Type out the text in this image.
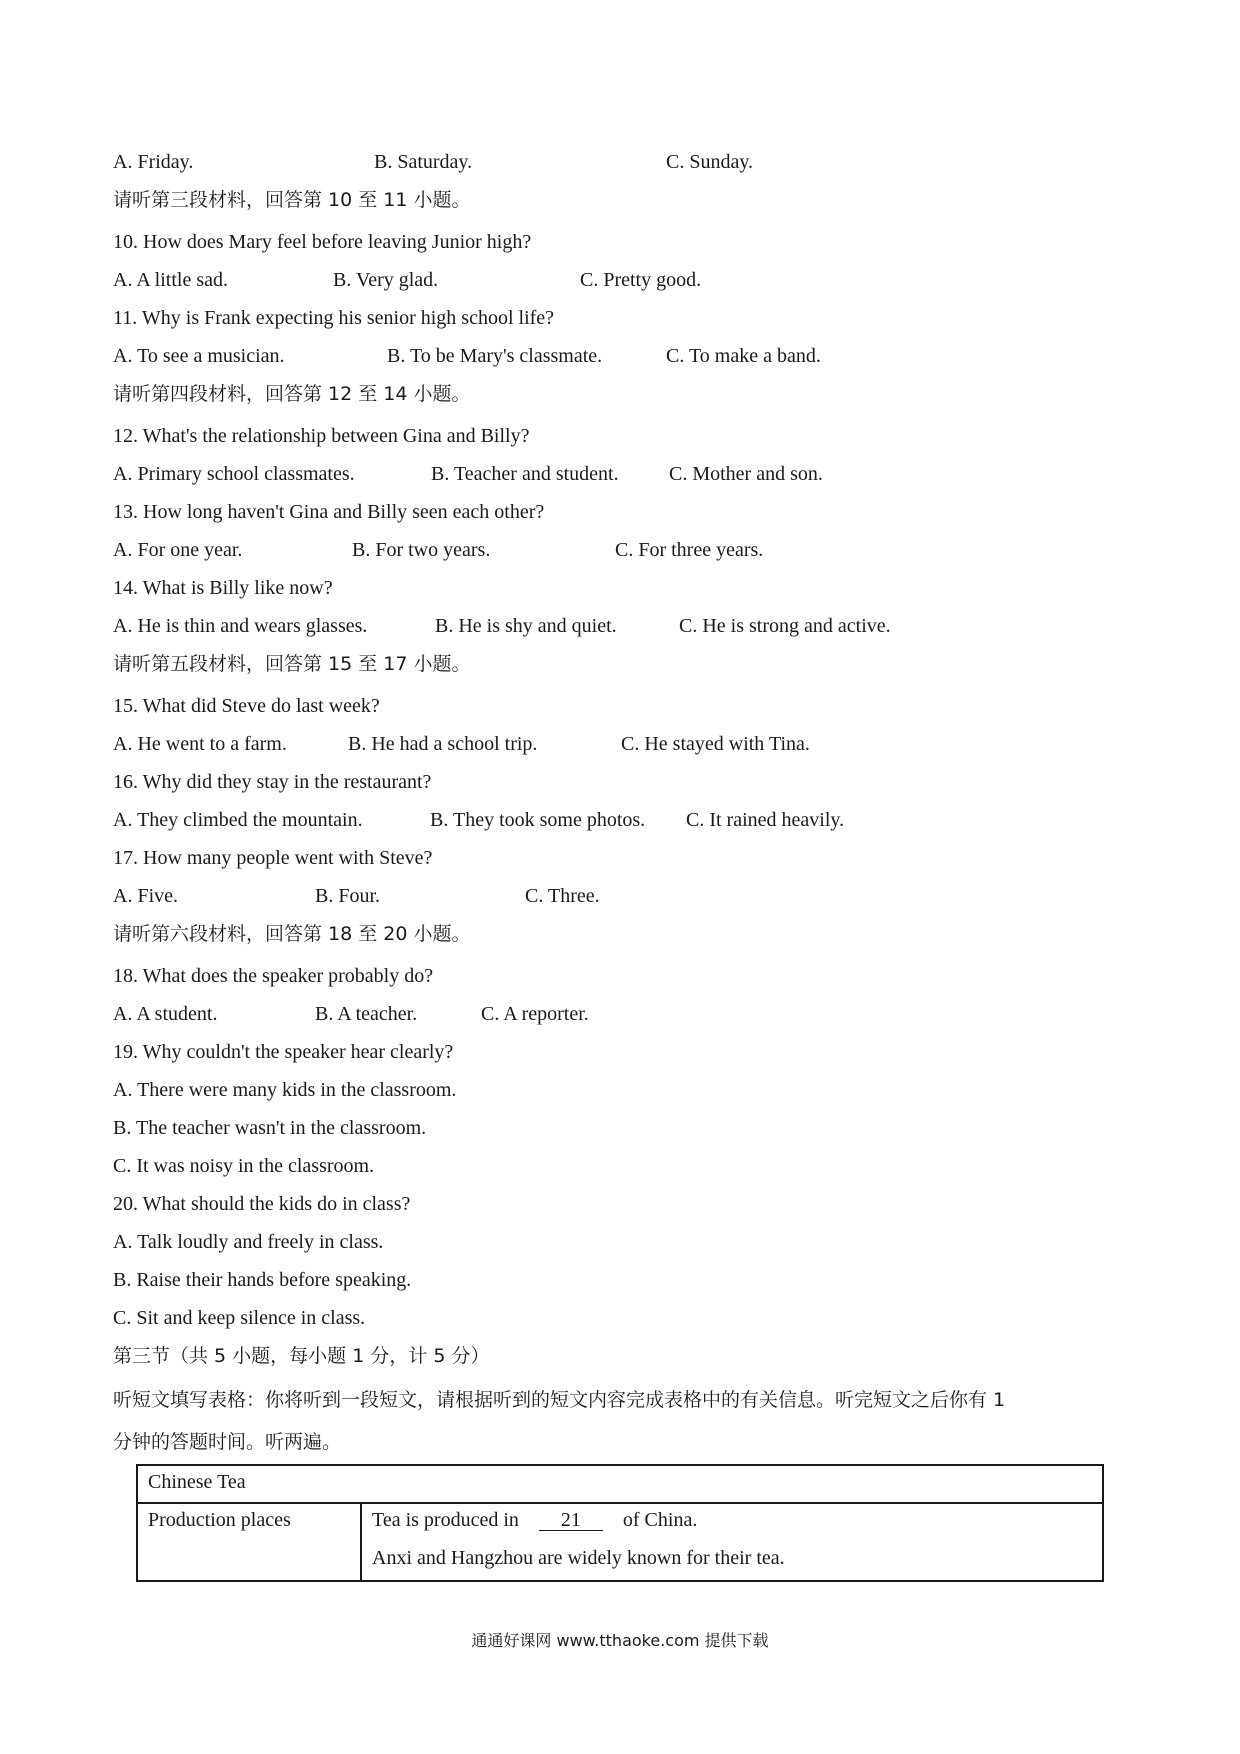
A. Friday.

	B. Saturday.

	C. Sunday.

请听第三段材料，回答第 10 至 11 小题。
10. How does Mary feel before leaving Junior high?

A. A little sad.

	B. Very glad.

	C. Pretty good.

11. Why is Frank expecting his senior high school life?

A. To see a musician.

	B. To be Mary's classmate.

	C. To make a band.

请听第四段材料，回答第 12 至 14 小题。
12. What's the relationship between Gina and Billy?

A. Primary school classmates.

	B. Teacher and student.

	C. Mother and son.

13. How long haven't Gina and Billy seen each other?

A. For one year.

	B. For two years.

	C. For three years.

14. What is Billy like now?

A. He is thin and wears glasses.

	B. He is shy and quiet.

	C. He is strong and active.

请听第五段材料，回答第 15 至 17 小题。
15. What did Steve do last week?

A. He went to a farm.

	B. He had a school trip.

	C. He stayed with Tina.

16. Why did they stay in the restaurant?

A. They climbed the mountain.

	B. They took some photos.

C. It rained heavily.

17. How many people went with Steve?

A. Five.

	B. Four.

	C. Three.

请听第六段材料，回答第 18 至 20 小题。
18. What does the speaker probably do?

A. A student.

	B. A teacher.

	C. A reporter.

19. Why couldn't the speaker hear clearly?
A. There were many kids in the classroom.
B. The teacher wasn't in the classroom.
C. It was noisy in the classroom.
20. What should the kids do in class?
A. Talk loudly and freely in class.
B. Raise their hands before speaking.
C. Sit and keep silence in class.
第三节（共 5 小题，每小题 1 分，计 5 分）
听短文填写表格：你将听到一段短文，请根据听到的短文内容完成表格中的有关信息。听完短文之后你有 1
分钟的答题时间。听两遍。
Chinese Tea
Production places	Tea is produced in 21 of China.
Anxi and Hangzhou are widely known for their tea.
通通好课网 www.tthaoke.com 提供下载
